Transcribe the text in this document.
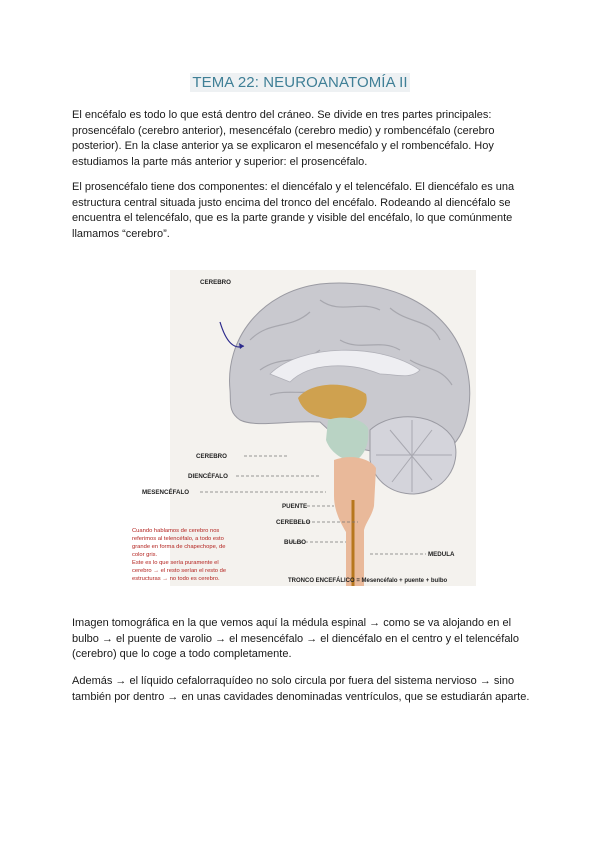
TEMA 22: NEUROANATOMÍA II

El encéfalo es todo lo que está dentro del cráneo. Se divide en tres partes principales: prosencéfalo (cerebro anterior), mesencéfalo (cerebro medio) y rombencéfalo (cerebro posterior). En la clase anterior ya se explicaron el mesencéfalo y el rombencéfalo. Hoy estudiamos la parte más anterior y superior: el prosencéfalo.

El prosencéfalo tiene dos componentes: el diencéfalo y el telencéfalo. El diencéfalo es una estructura central situada justo encima del tronco del encéfalo. Rodeando al diencéfalo se encuentra el telencéfalo, que es la parte grande y visible del encéfalo, lo que comúnmente llamamos “cerebro”.

CEREBRO
CEREBRO
DIENCÉFALO
MESENCÉFALO
PUENTE
CEREBELO
BULBO
MEDULA
Cuando hablamos de cerebro nos
referimos al telencéfalo, a todo esto
grande en forma de chapechope, de
color gris.
Este es lo que sería puramente el
cerebro → el resto serían el resto de
estructuras → no todo es cerebro.	TRONCO ENCEFÁLICO = Mesencéfalo + puente + bulbo

Imagen tomográfica en la que vemos aquí la médula espinal → como se va alojando en el bulbo → el puente de varolio → el mesencéfalo → el diencéfalo en el centro y el telencéfalo (cerebro) que lo coge a todo completamente.

Además → el líquido cefalorraquídeo no solo circula por fuera del sistema nervioso → sino también por dentro → en unas cavidades denominadas ventrículos, que se estudiarán aparte.
